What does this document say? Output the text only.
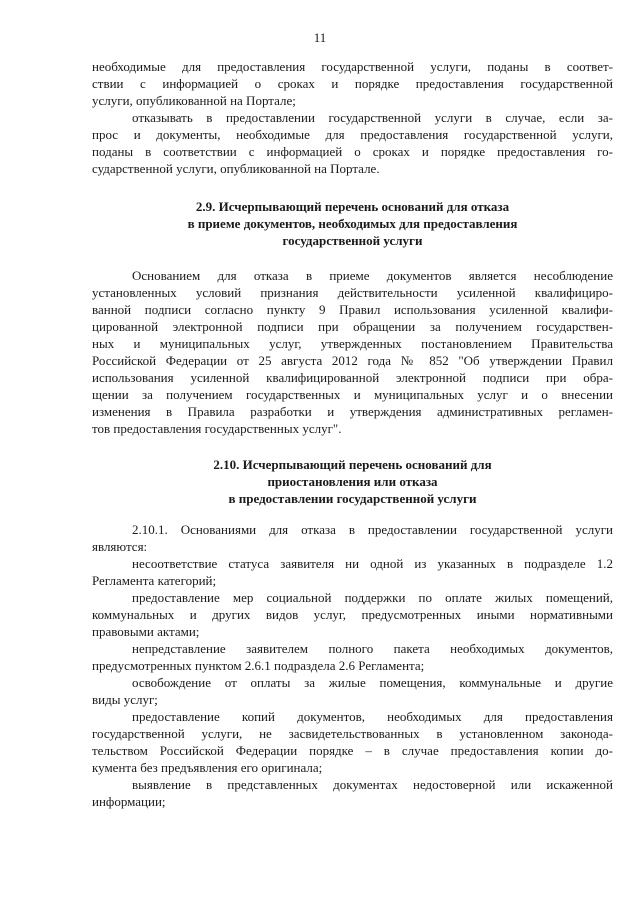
11
необходимые для предоставления государственной услуги, поданы в соответ-
ствии с информацией о сроках и порядке предоставления государственной
услуги, опубликованной на Портале;
отказывать в предоставлении государственной услуги в случае, если за-
прос и документы, необходимые для предоставления государственной услуги,
поданы в соответствии с информацией о сроках и порядке предоставления го-
сударственной услуги, опубликованной на Портале.
Основанием для отказа в приеме документов является несоблюдение
установленных условий признания действительности усиленной квалифициро-
ванной подписи согласно пункту 9 Правил использования усиленной квалифи-
цированной электронной подписи при обращении за получением государствен-
ных и муниципальных услуг, утвержденных постановлением Правительства
Российской Федерации от 25 августа 2012 года № 852 "Об утверждении Правил
использования усиленной квалифицированной электронной подписи при обра-
щении за получением государственных и муниципальных услуг и о внесении
изменения в Правила разработки и утверждения административных регламен-
тов предоставления государственных услуг".
2.10.1. Основаниями для отказа в предоставлении государственной услуги
являются:
несоответствие статуса заявителя ни одной из указанных в подразделе 1.2
Регламента категорий;
предоставление мер социальной поддержки по оплате жилых помещений,
коммунальных и других видов услуг, предусмотренных иными нормативными
правовыми актами;
непредставление заявителем полного пакета необходимых документов,
предусмотренных пунктом 2.6.1 подраздела 2.6 Регламента;
освобождение от оплаты за жилые помещения, коммунальные и другие
виды услуг;
предоставление копий документов, необходимых для предоставления
государственной услуги, не засвидетельствованных в установленном законода-
тельством Российской Федерации порядке – в случае предоставления копии до-
кумента без предъявления его оригинала;
выявление в представленных документах недостоверной или искаженной
информации;
2.9. Исчерпывающий перечень оснований для отказа
в приеме документов, необходимых для предоставления
государственной услуги
2.10. Исчерпывающий перечень оснований для
приостановления или отказа
в предоставлении государственной услуги
